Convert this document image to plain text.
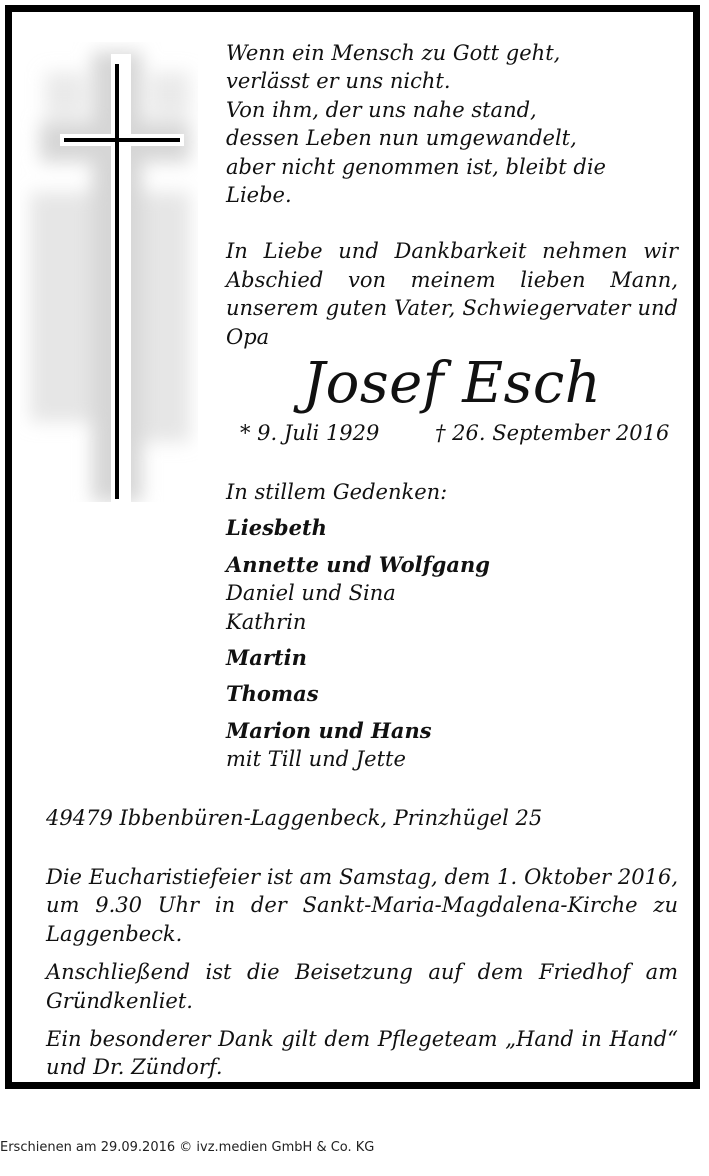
Wenn ein Mensch zu Gott geht,

verlässt er uns nicht.

Von ihm, der uns nahe stand,

dessen Leben nun umgewandelt,

aber nicht genommen ist, bleibt die Liebe.

In Liebe und Dankbarkeit nehmen wir Abschied von meinem lieben Mann, unserem guten Vater, Schwiegervater und Opa

Josef Esch
* 9. Juli 1929	† 26. September 2016

In stillem Gedenken:

Liesbeth

Annette und Wolfgang

Daniel und Sina

Kathrin

Martin

Thomas

Marion und Hans

mit Till und Jette

49479 Ibbenbüren-Laggenbeck, Prinzhügel 25

Die Eucharistiefeier ist am Samstag, dem 1. Oktober 2016, um 9.30 Uhr in der Sankt-Maria-Magdalena-Kirche zu Laggenbeck.

Anschließend ist die Beisetzung auf dem Friedhof am Gründkenliet.

Ein besonderer Dank gilt dem Pflegeteam „Hand in Hand“ und Dr. Zündorf.

Erschienen am 29.09.2016 © ivz.medien GmbH & Co. KG
